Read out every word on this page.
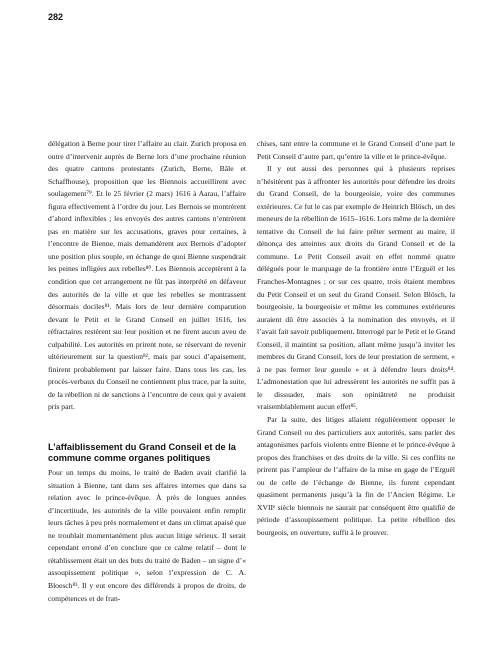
282

délégation à Berne pour tirer l’affaire au clair. Zurich proposa en outre d’intervenir auprès de Berne lors d’une prochaine réunion des quatre cantons protestants (Zurich, Berne, Bâle et Schaffhouse), proposition que les Biennois accueillirent avec soulagement⁷⁹. Et le 25 février (2 mars) 1616 à Aarau, l’affaire figura effectivement à l’ordre du jour. Les Bernois se montrèrent d’abord inflexibles ; les envoyés des autres cantons n’entrèrent pas en matière sur les accusations, graves pour certaines, à l’encontre de Bienne, mais demandèrent aux Bernois d’adopter une position plus souple, en échange de quoi Bienne suspendrait les peines infligées aux rebelles⁸⁰. Les Biennois acceptèrent à la condition que cet arrangement ne fût pas interprété en défaveur des autorités de la ville et que les rebelles se montrassent désormais dociles⁸¹. Mais lors de leur dernière comparution devant le Petit et le Grand Conseil en juillet 1616, les réfractaires restèrent sur leur position et ne firent aucun aveu de culpabilité. Les autorités en prirent note, se réservant de revenir ultérieurement sur la question⁸², mais par souci d’apaisement, finirent probablement par laisser faire. Dans tous les cas, les procès-verbaux du Conseil ne contiennent plus trace, par la suite, de la rébellion ni de sanctions à l’encontre de ceux qui y avaient pris part.

L’affaiblissement du Grand Conseil et de la commune comme organes politiques

Pour un temps du moins, le traité de Baden avait clarifié la situation à Bienne, tant dans ses affaires internes que dans sa relation avec le prince-évêque. À près de longues années d’incertitude, les autorités de la ville pouvaient enfin remplir leurs tâches à peu près normalement et dans un climat apaisé que ne troublait momentanément plus aucun litige sérieux. Il serait cependant erroné d’en conclure que ce calme relatif – dont le rétablissement était un des buts du traité de Baden – un signe d’« assoupissement politique », selon l’expression de C. A. Bloesch⁸³. Il y eut encore des différends à propos de droits, de compétences et de fran-

chises, tant entre la commune et le Grand Conseil d’une part le Petit Conseil d’autre part, qu’entre la ville et le prince-évêque.

Il y eut aussi des personnes qui à plusieurs reprises n’hésitèrent pas à affronter les autorités pour défendre les droits du Grand Conseil, de la bourgeoisie, voire des communes extérieures. Ce fut le cas par exemple de Heinrich Blösch, un des meneurs de la rébellion de 1615–1616. Lors même de la dernière tentative du Conseil de lui faire prêter serment au maire, il dénonça des atteintes aux droits du Grand Conseil et de la commune. Le Petit Conseil avait en effet nommé quatre délégués pour le marquage de la frontière entre l’Erguël et les Franches-Montagnes ; or sur ces quatre, trois étaient membres du Petit Conseil et un seul du Grand Conseil. Selon Blösch, la bourgeoisie, la bourgeoisie et même les communes extérieures auraient dû être associés à la nomination des envoyés, et il l’avait fait savoir publiquement. Interrogé par le Petit et le Grand Conseil, il maintint sa position, allant même jusqu’à inviter les membres du Grand Conseil, lors de leur prestation de serment, « à ne pas fermer leur gueule » et à défendre leurs droits⁸⁴. L’admonestation que lui adressèrent les autorités ne suffit pas à le dissuader, mais son opiniâtreté ne produisit vraisemblablement aucun effet⁸⁵.

Par la suite, des litiges allaient régulièrement opposer le Grand Conseil ou des particuliers aux autorités, sans parler des antagonismes parfois violents entre Bienne et le prince-évêque à propos des franchises et des droits de la ville. Si ces conflits ne prirent pas l’ampleur de l’affaire de la mise en gage de l’Erguël ou de celle de l’échange de Bienne, ils furent cependant quasiment permanents jusqu’à la fin de l’Ancien Régime. Le XVIIᵉ siècle biennois ne saurait par conséquent être qualifié de période d’assoupissement politique. La petite rébellion des bourgeois, en ouverture, suffit à le prouver.
